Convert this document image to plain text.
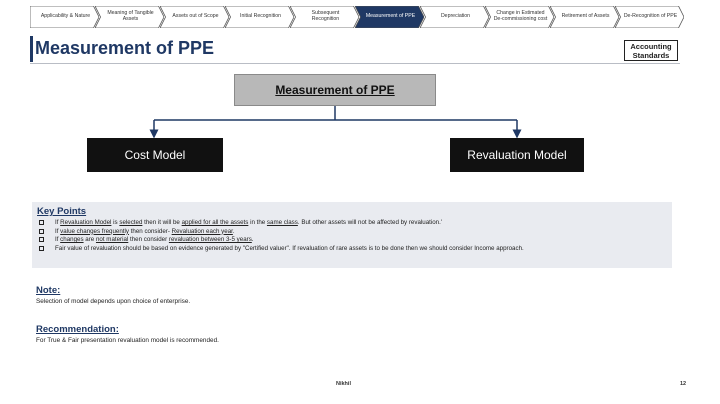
Applicability & Nature	Meaning of Tangible Assets	Assets out of Scope	Initial Recognition	Subsequent Recognition	Measurement of PPE	Depreciation	Change in Estimated De-commissioning cost	Retirement of Assets	De-Recognition of PPE
Measurement of PPE	Accounting
Standards
Measurement of PPE
Cost Model	Revaluation Model
Key Points
If Revaluation Model is selected then it will be applied for all the assets in the same class. But other assets will not be affected by revaluation.'
If value changes frequently then consider- Revaluation each year.
If changes are not material then consider revaluation between 3-5 years.
Fair value of revaluation should be based on evidence generated by "Certified valuer". If revaluation of rare assets is to be done then we should consider Income approach.
Note:
Selection of model depends upon choice of enterprise.
Recommendation:
For True & Fair presentation revaluation model is recommended.
Nikhil	12
